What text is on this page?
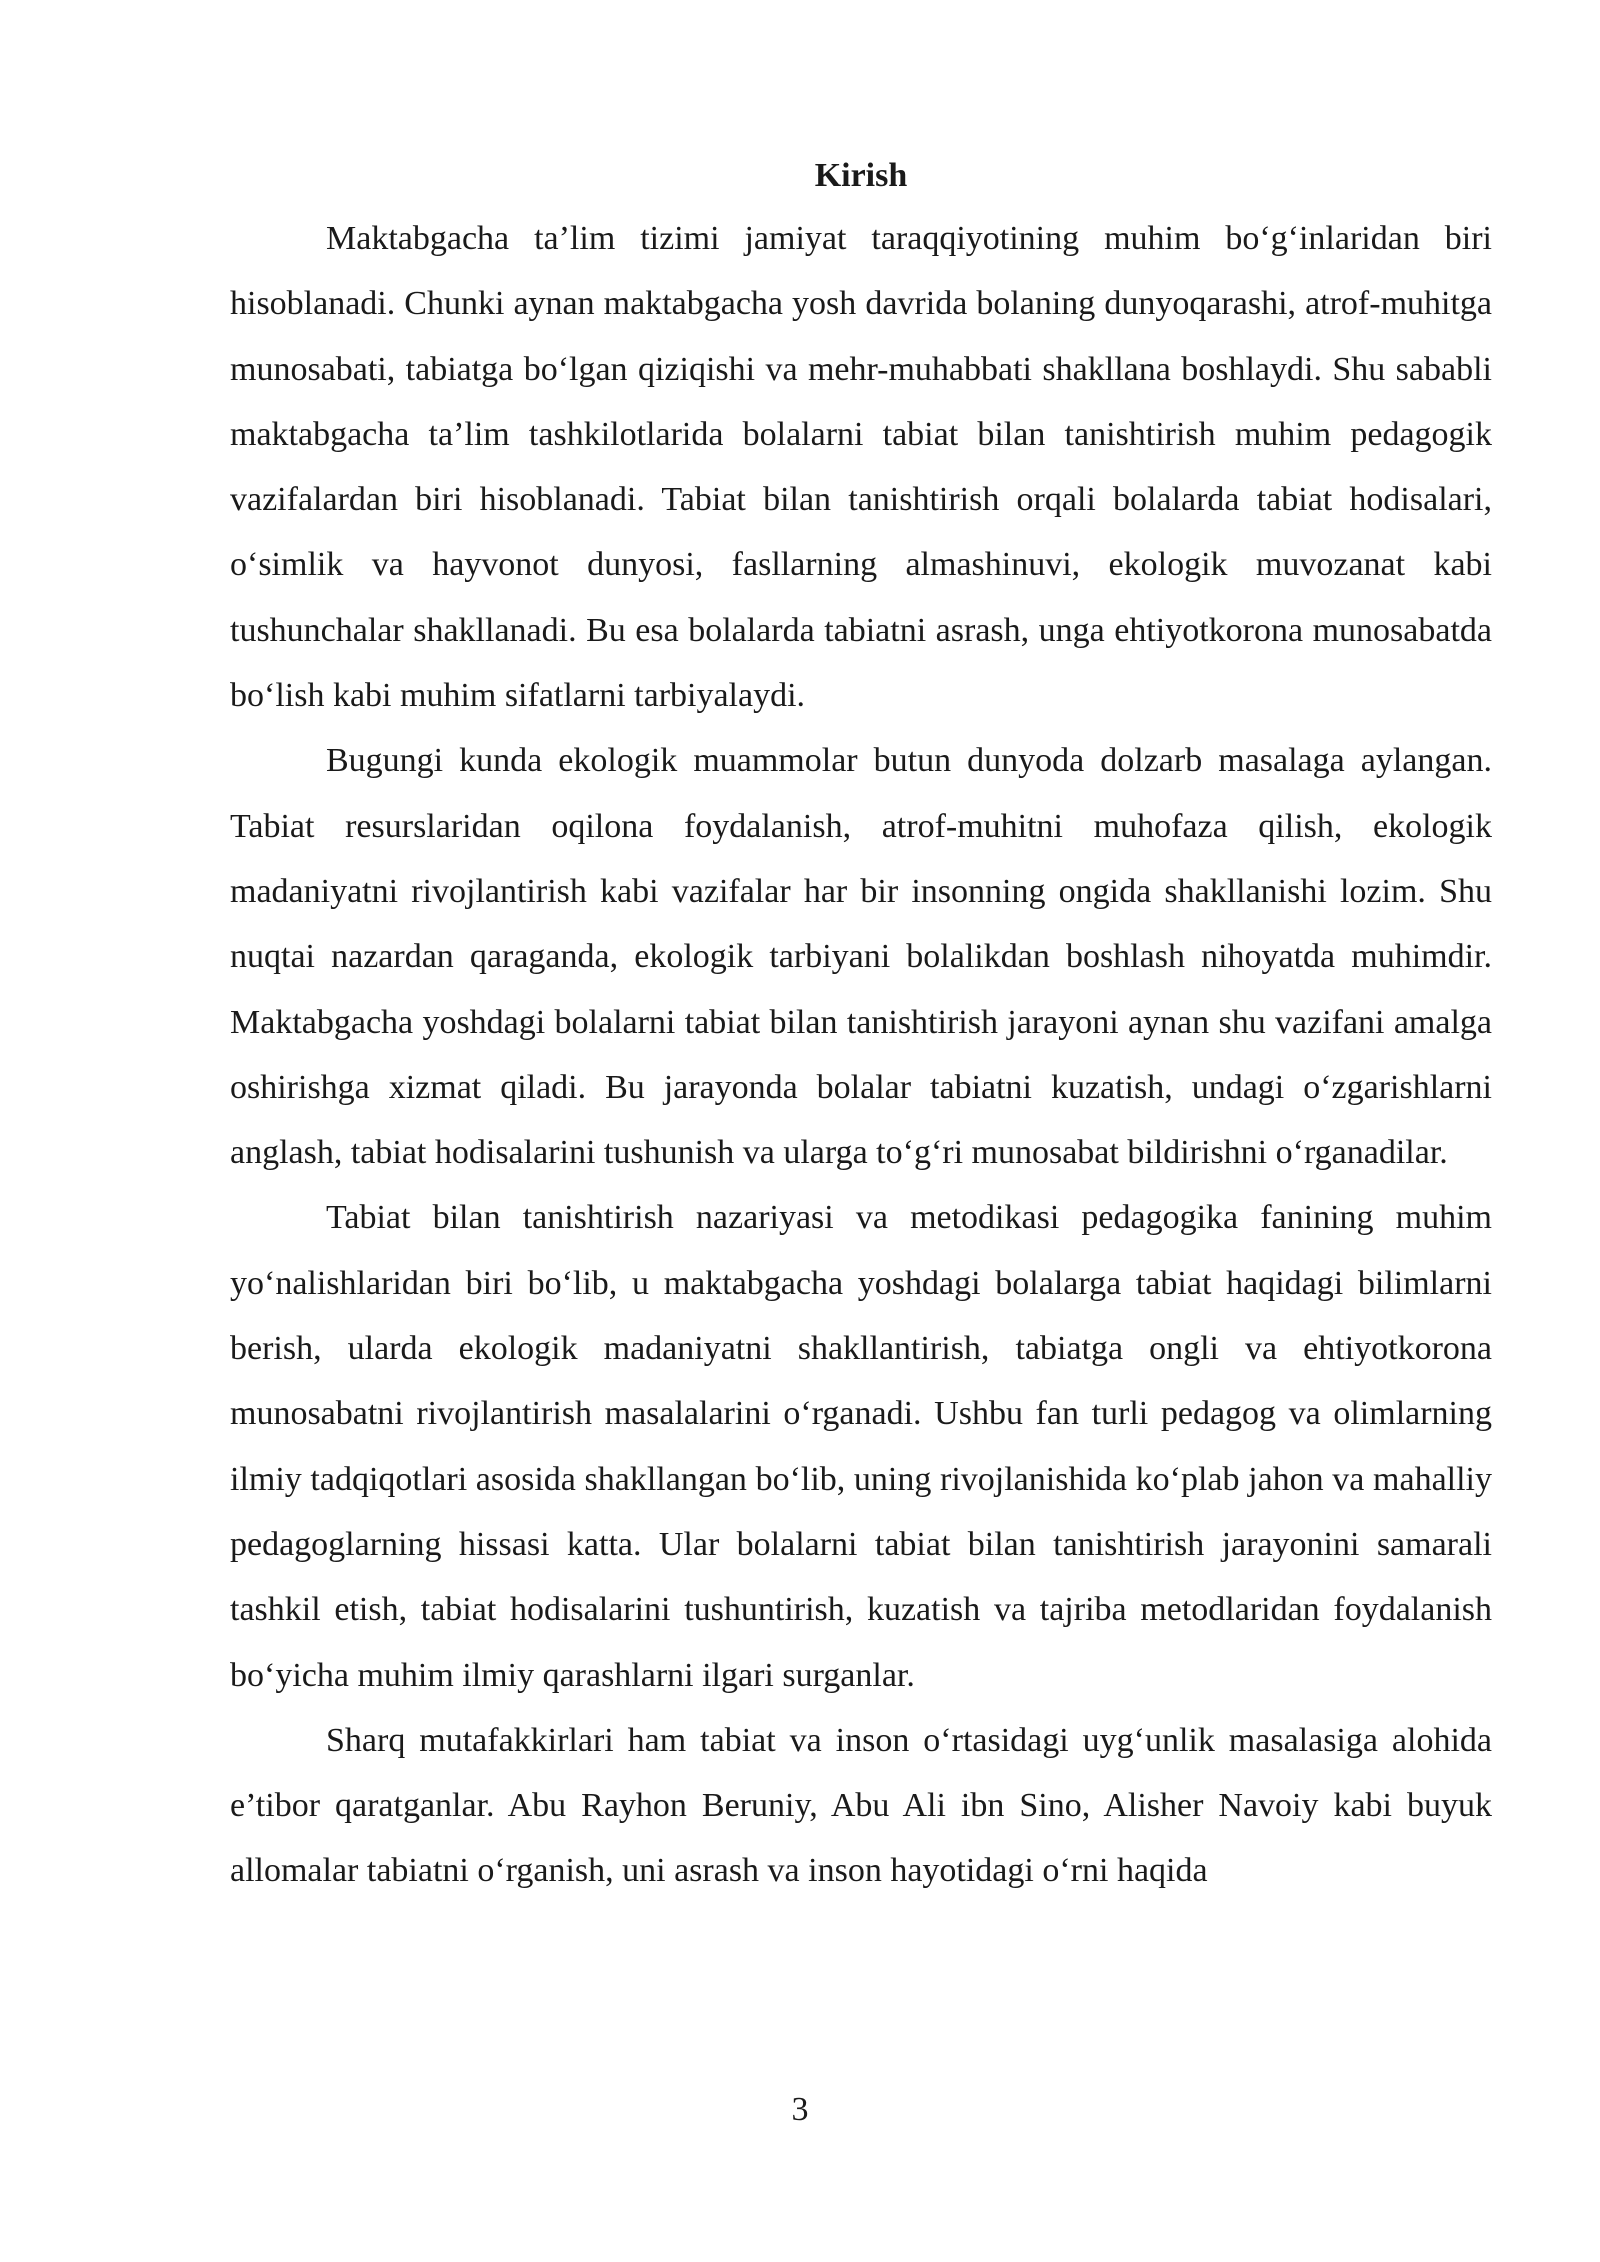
Kirish

Maktabgacha ta’lim tizimi jamiyat taraqqiyotining muhim bo‘g‘inlaridan biri hisoblanadi. Chunki aynan maktabgacha yosh davrida bolaning dunyoqarashi, atrof-muhitga munosabati, tabiatga bo‘lgan qiziqishi va mehr-muhabbati shakllana boshlaydi. Shu sababli maktabgacha ta’lim tashkilotlarida bolalarni tabiat bilan tanishtirish muhim pedagogik vazifalardan biri hisoblanadi. Tabiat bilan tanishtirish orqali bolalarda tabiat hodisalari, o‘simlik va hayvonot dunyosi, fasllarning almashinuvi, ekologik muvozanat kabi tushunchalar shakllanadi. Bu esa bolalarda tabiatni asrash, unga ehtiyotkorona munosabatda bo‘lish kabi muhim sifatlarni tarbiyalaydi.

Bugungi kunda ekologik muammolar butun dunyoda dolzarb masalaga aylangan. Tabiat resurslaridan oqilona foydalanish, atrof-muhitni muhofaza qilish, ekologik madaniyatni rivojlantirish kabi vazifalar har bir insonning ongida shakllanishi lozim. Shu nuqtai nazardan qaraganda, ekologik tarbiyani bolalikdan boshlash nihoyatda muhimdir. Maktabgacha yoshdagi bolalarni tabiat bilan tanishtirish jarayoni aynan shu vazifani amalga oshirishga xizmat qiladi. Bu jarayonda bolalar tabiatni kuzatish, undagi o‘zgarishlarni anglash, tabiat hodisalarini tushunish va ularga to‘g‘ri munosabat bildirishni o‘rganadilar.

Tabiat bilan tanishtirish nazariyasi va metodikasi pedagogika fanining muhim yo‘nalishlaridan biri bo‘lib, u maktabgacha yoshdagi bolalarga tabiat haqidagi bilimlarni berish, ularda ekologik madaniyatni shakllantirish, tabiatga ongli va ehtiyotkorona munosabatni rivojlantirish masalalarini o‘rganadi. Ushbu fan turli pedagog va olimlarning ilmiy tadqiqotlari asosida shakllangan bo‘lib, uning rivojlanishida ko‘plab jahon va mahalliy pedagoglarning hissasi katta. Ular bolalarni tabiat bilan tanishtirish jarayonini samarali tashkil etish, tabiat hodisalarini tushuntirish, kuzatish va tajriba metodlaridan foydalanish bo‘yicha muhim ilmiy qarashlarni ilgari surganlar.

Sharq mutafakkirlari ham tabiat va inson o‘rtasidagi uyg‘unlik masalasiga alohida e’tibor qaratganlar. Abu Rayhon Beruniy, Abu Ali ibn Sino, Alisher Navoiy kabi buyuk allomalar tabiatni o‘rganish, uni asrash va inson hayotidagi o‘rni haqida

3
